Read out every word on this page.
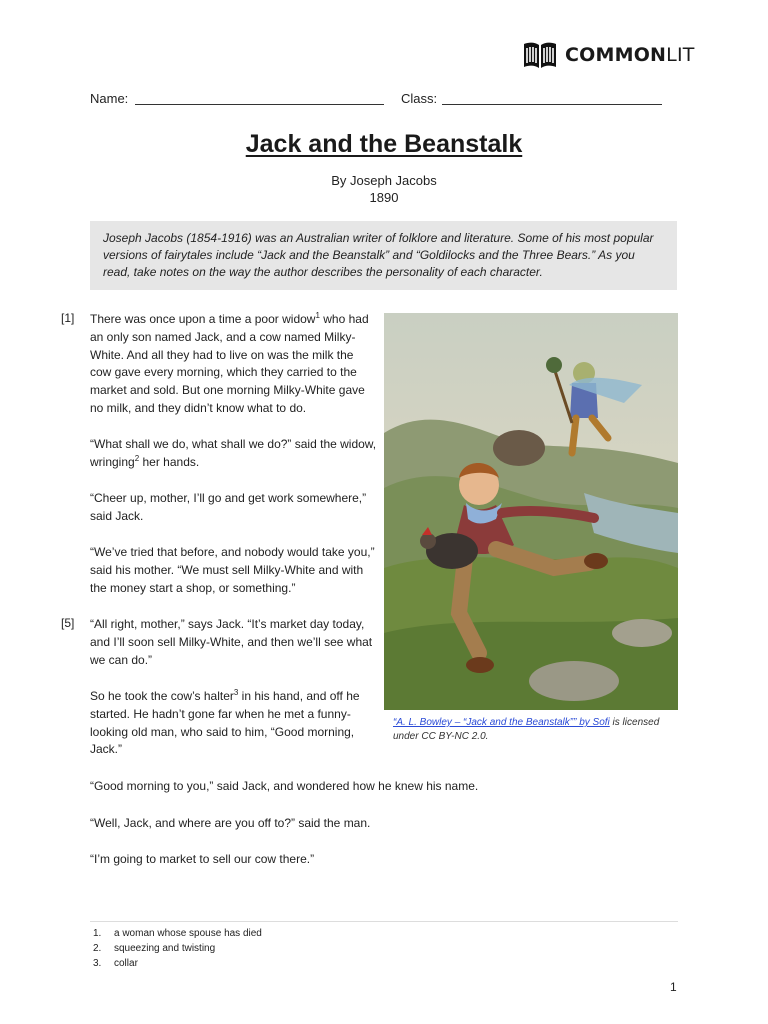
COMMONLIT
Name:	Class:
Jack and the Beanstalk
By Joseph Jacobs
1890
Joseph Jacobs (1854-1916) was an Australian writer of folklore and literature. Some of his most popular versions of fairytales include “Jack and the Beanstalk” and “Goldilocks and the Three Bears.” As you read, take notes on the way the author describes the personality of each character.
[1] There was once upon a time a poor widow$^1$ who had an only son named Jack, and a cow named Milky-White. And all they had to live on was the milk the cow gave every morning, which they carried to the market and sold. But one morning Milky-White gave no milk, and they didn’t know what to do.

“What shall we do, what shall we do?” said the widow, wringing$^2$ her hands.

“Cheer up, mother, I’ll go and get work somewhere,” said Jack.

“We’ve tried that before, and nobody would take you,” said his mother. “We must sell Milky-White and with the money start a shop, or something.”

[5] “All right, mother,” says Jack. “It’s market day today, and I’ll soon sell Milky-White, and then we’ll see what we can do.”

So he took the cow’s halter$^3$ in his hand, and off he started. He hadn’t gone far when he met a funny-looking old man, who said to him, “Good morning, Jack.”

“Good morning to you,” said Jack, and wondered how he knew his name.

“Well, Jack, and where are you off to?” said the man.

“I’m going to market to sell our cow there.”

“A. L. Bowley – “Jack and the Beanstalk”” by Sofi is licensed under CC BY-NC 2.0.
1. a woman whose spouse has died
2. squeezing and twisting
3. collar
1
